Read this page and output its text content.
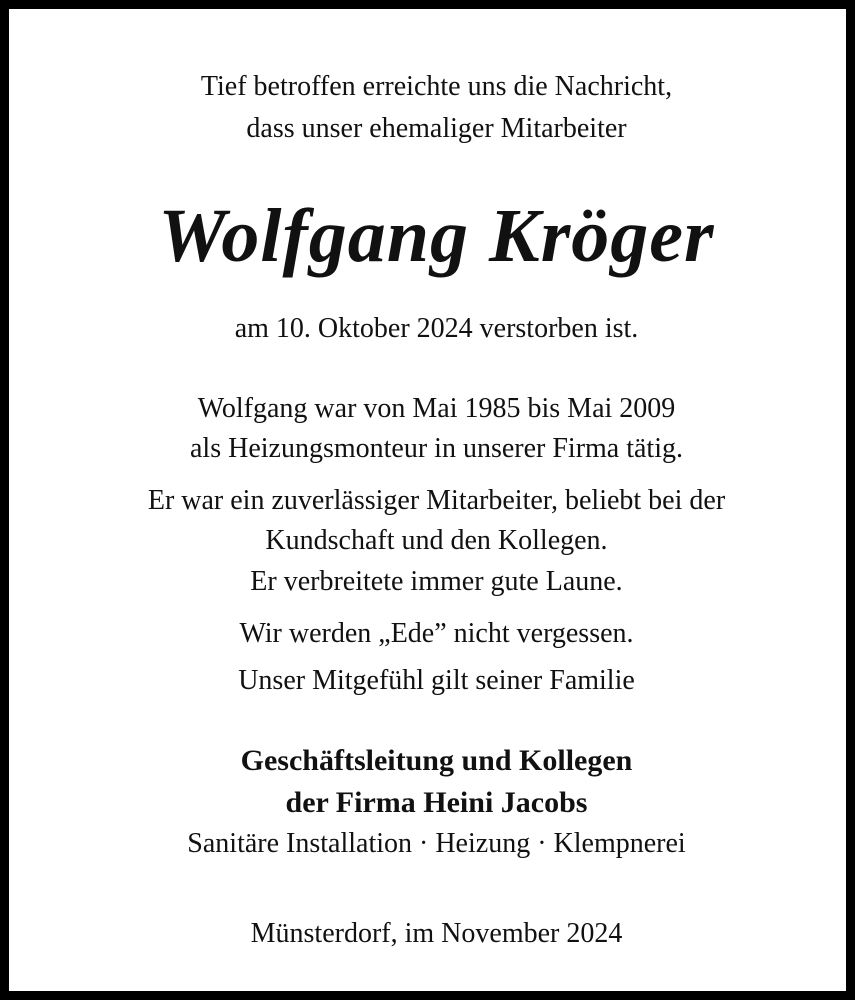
Tief betroffen erreichte uns die Nachricht,
dass unser ehemaliger Mitarbeiter
Wolfgang Kröger
am 10. Oktober 2024 verstorben ist.
Wolfgang war von Mai 1985 bis Mai 2009
als Heizungsmonteur in unserer Firma tätig.
Er war ein zuverlässiger Mitarbeiter, beliebt bei der
Kundschaft und den Kollegen.
Er verbreitete immer gute Laune.
Wir werden „Ede” nicht vergessen.
Unser Mitgefühl gilt seiner Familie
Geschäftsleitung und Kollegen
der Firma Heini Jacobs
Sanitäre Installation · Heizung · Klempnerei
Münsterdorf, im November 2024
